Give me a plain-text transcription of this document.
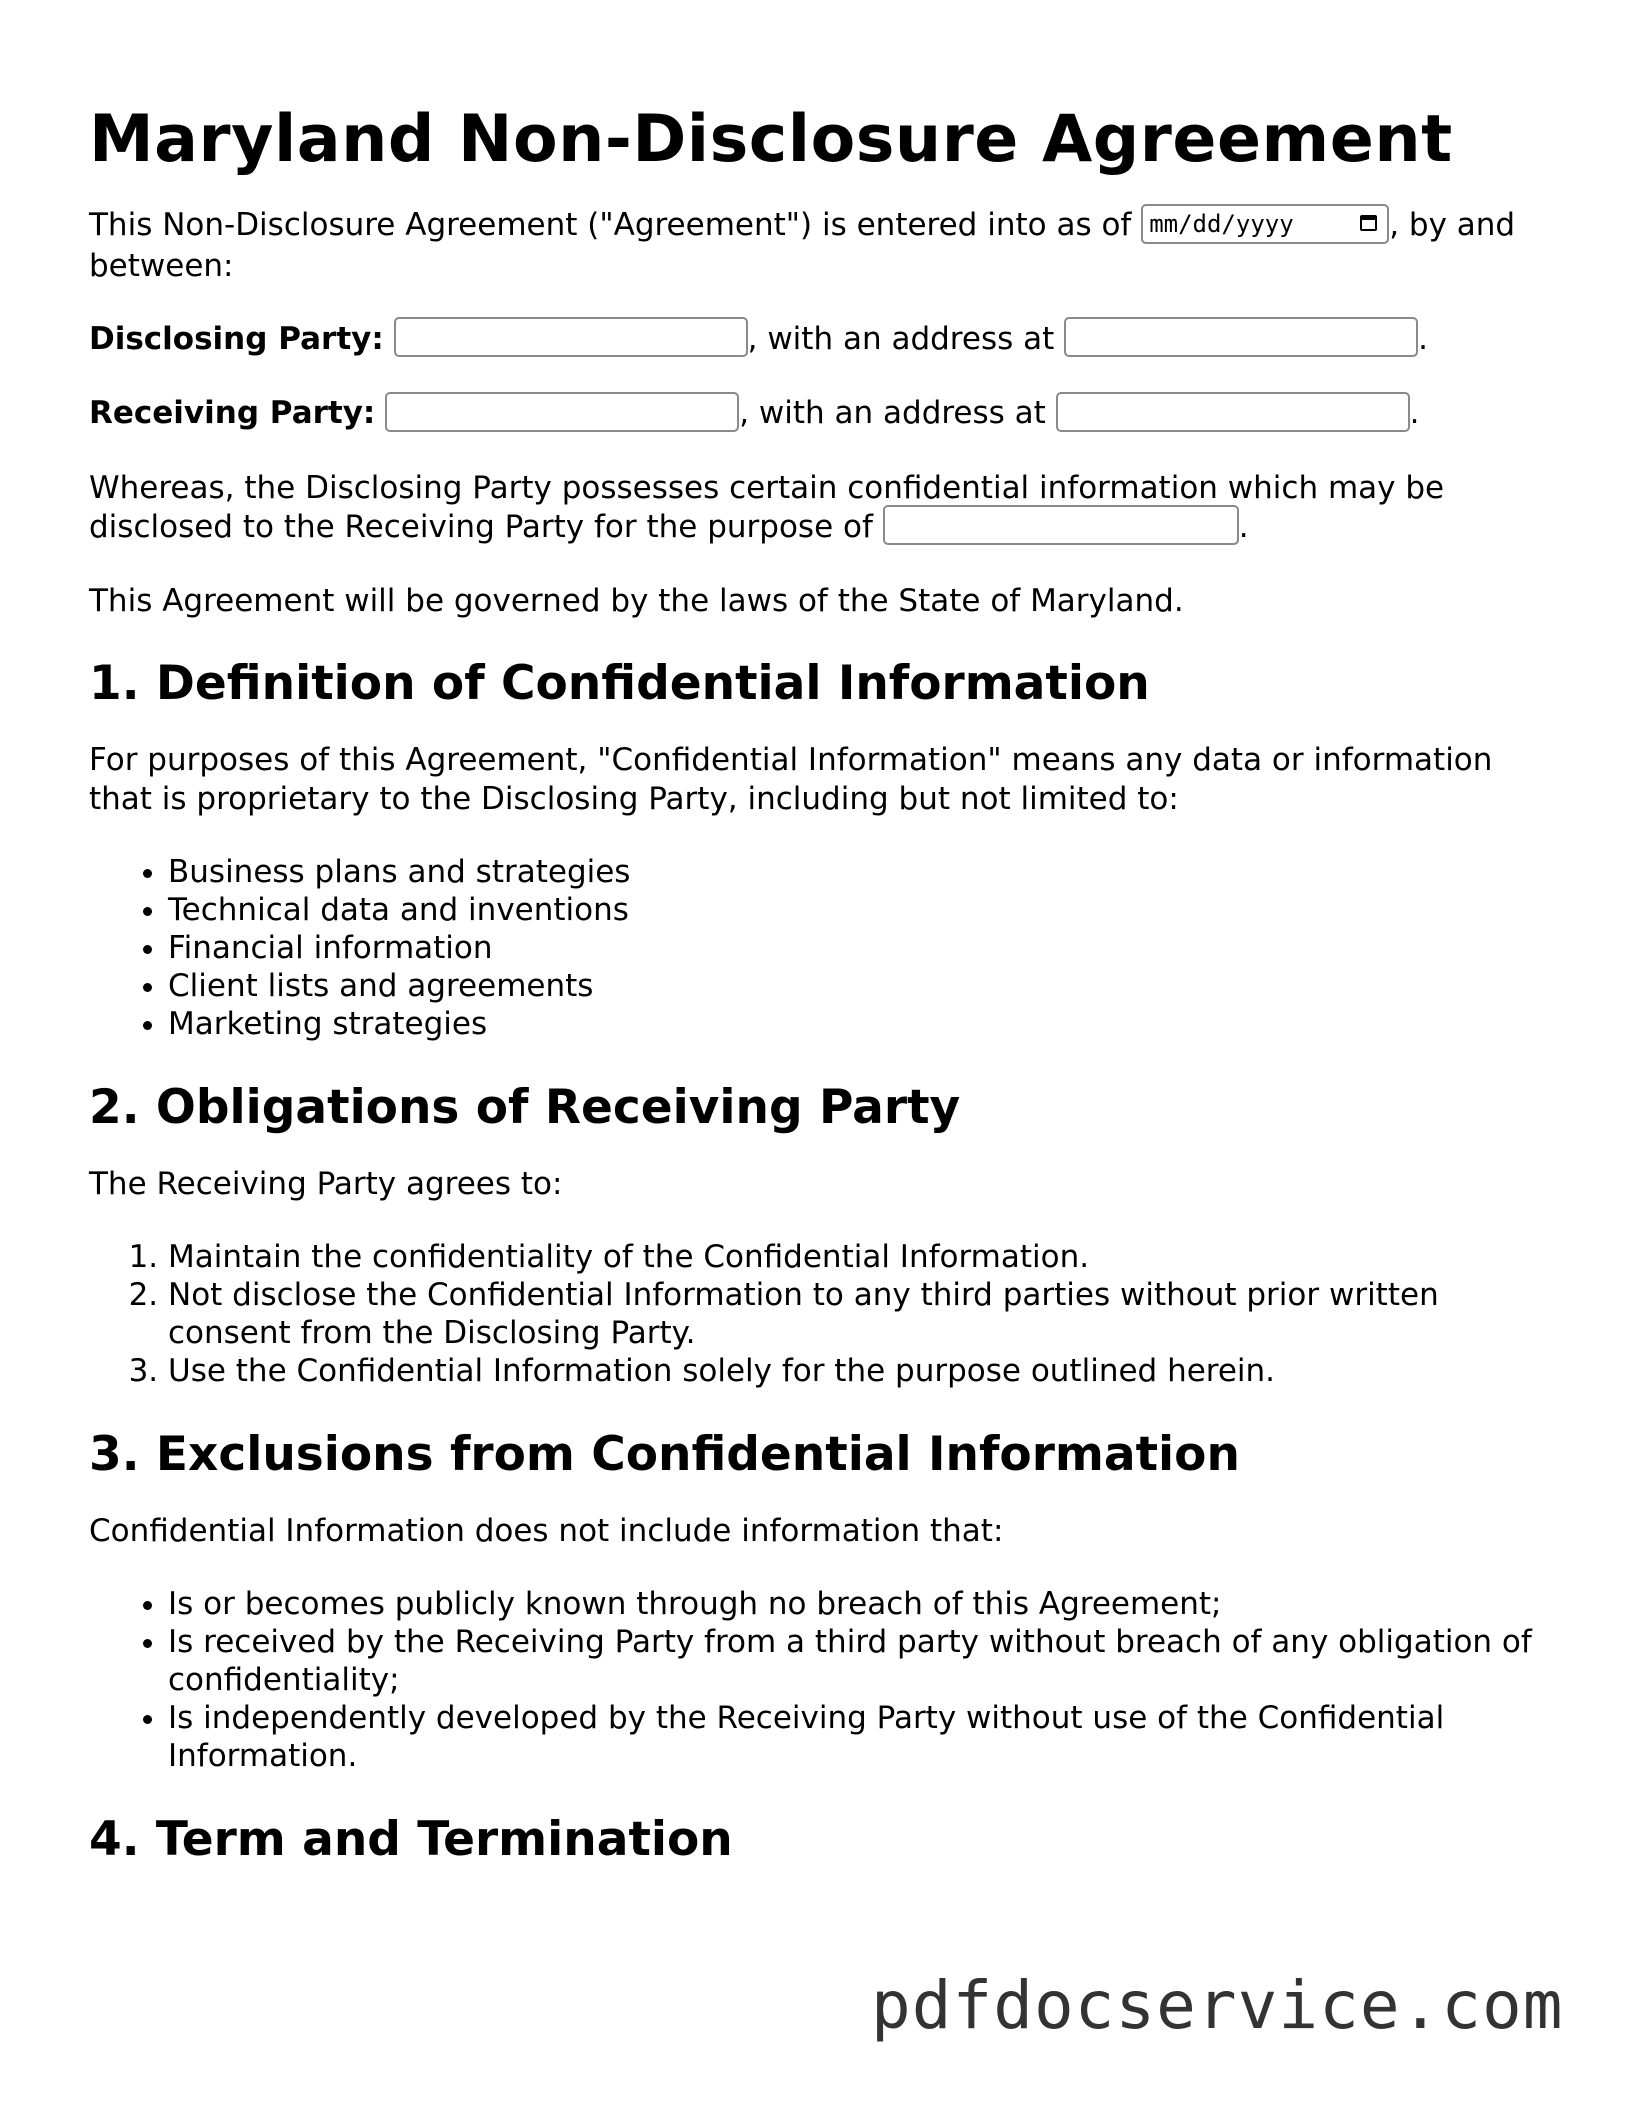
Maryland Non-Disclosure Agreement

This Non-Disclosure Agreement ("Agreement") is entered into as of mm/dd/yyyy	, by and between:

Disclosing Party:	, with an address at	.
Receiving Party:	, with an address at	.

Whereas, the Disclosing Party possesses certain confidential information which may be disclosed to the Receiving Party for the purpose of	.

This Agreement will be governed by the laws of the State of Maryland.

1. Definition of Confidential Information

For purposes of this Agreement, "Confidential Information" means any data or information that is proprietary to the Disclosing Party, including but not limited to:

• Business plans and strategies
• Technical data and inventions
• Financial information
• Client lists and agreements
• Marketing strategies
2. Obligations of Receiving Party

The Receiving Party agrees to:

1. Maintain the confidentiality of the Confidential Information.
2. Not disclose the Confidential Information to any third parties without prior written consent from the Disclosing Party.
3. Use the Confidential Information solely for the purpose outlined herein.
3. Exclusions from Confidential Information

Confidential Information does not include information that:

• Is or becomes publicly known through no breach of this Agreement;
• Is received by the Receiving Party from a third party without breach of any obligation of confidentiality;
• Is independently developed by the Receiving Party without use of the Confidential Information.
4. Term and Termination
pdfdocservice.com
